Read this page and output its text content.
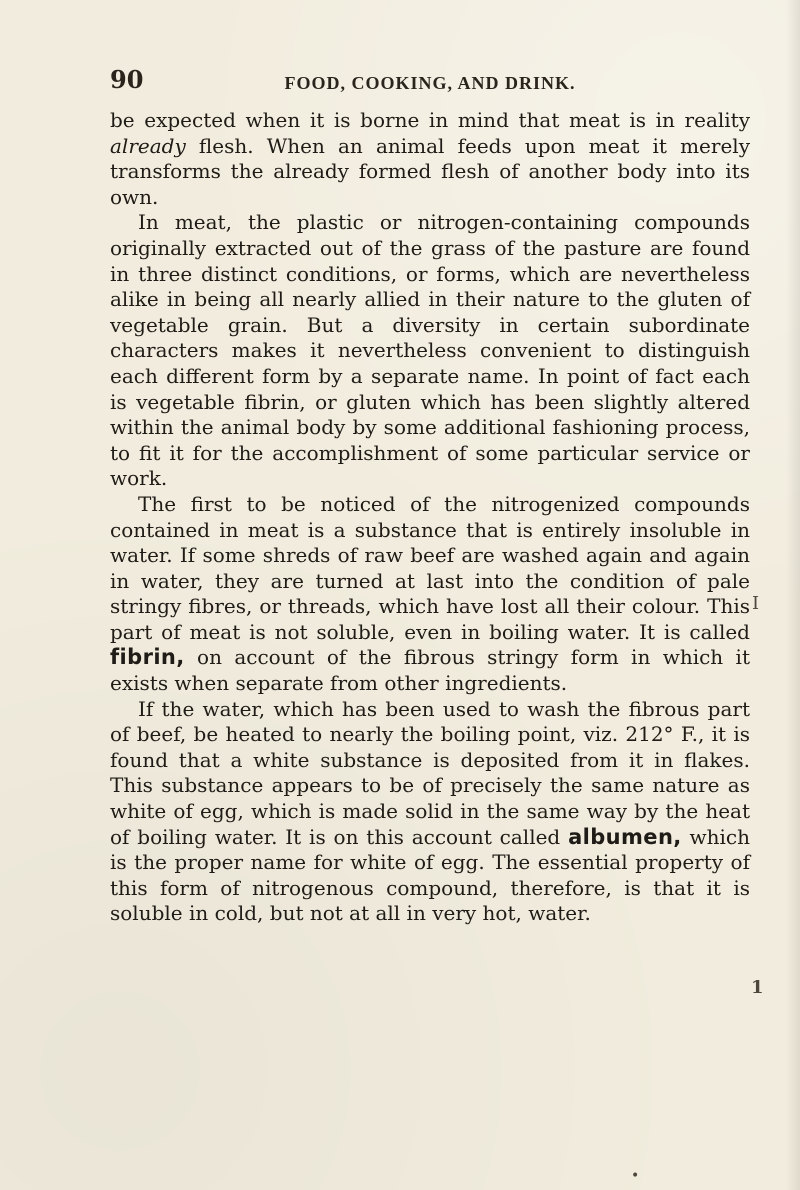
90	FOOD, COOKING, AND DRINK.

be expected when it is borne in mind that meat is in reality already flesh. When an animal feeds upon meat it merely transforms the already formed flesh of another body into its own.

In meat, the plastic or nitrogen-containing compounds originally extracted out of the grass of the pasture are found in three distinct conditions, or forms, which are nevertheless alike in being all nearly allied in their nature to the gluten of vegetable grain. But a diversity in certain subordinate characters makes it nevertheless convenient to distinguish each different form by a separate name. In point of fact each is vegetable fibrin, or gluten which has been slightly altered within the animal body by some additional fashioning process, to fit it for the accomplishment of some particular service or work.

The first to be noticed of the nitrogenized compounds contained in meat is a substance that is entirely insoluble in water. If some shreds of raw beef are washed again and again in water, they are turned at last into the condition of pale stringy fibres, or threads, which have lost all their colour. This part of meat is not soluble, even in boiling water. It is called fibrin, on account of the fibrous stringy form in which it exists when separate from other ingredients.

If the water, which has been used to wash the fibrous part of beef, be heated to nearly the boiling point, viz. 212° F., it is found that a white substance is deposited from it in flakes. This substance appears to be of precisely the same nature as white of egg, which is made solid in the same way by the heat of boiling water. It is on this account called albumen, which is the proper name for white of egg. The essential property of this form of nitrogenous compound, therefore, is that it is soluble in cold, but not at all in very hot, water.

I
1
•
